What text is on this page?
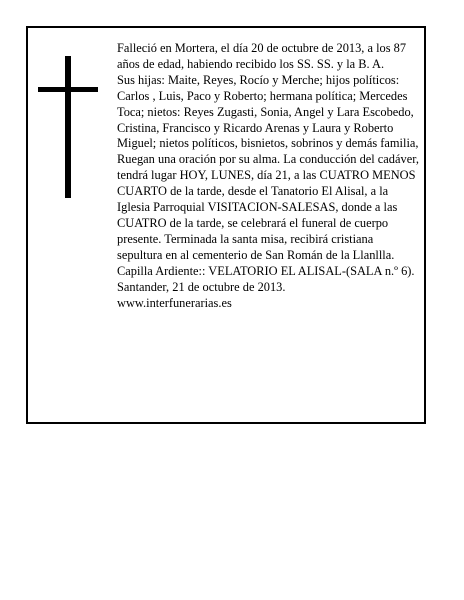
Falleció en Mortera, el día 20 de octubre de 2013, a los 87 años de edad, habiendo recibido los SS. SS. y la B. A.

Sus hijas: Maite, Reyes, Rocío y Merche; hijos políticos: Carlos , Luis, Paco y Roberto; hermana política; Mercedes Toca; nietos: Reyes Zugasti, Sonia, Angel y Lara Escobedo, Cristina, Francisco y Ricardo Arenas y Laura y Roberto Miguel; nietos políticos, bisnietos, sobrinos y demás familia,

Ruegan una oración por su alma. La conducción del cadáver, tendrá lugar HOY, LUNES, día 21, a las CUATRO MENOS CUARTO de la tarde, desde el Tanatorio El Alisal, a la Iglesia Parroquial VISITACION-SALESAS, donde a las CUATRO de la tarde, se celebrará el funeral de cuerpo presente. Terminada la santa misa, recibirá cristiana sepultura en al cementerio de San Román de la Llanllla. Capilla Ardiente:: VELATORIO EL ALISAL-(SALA n.º 6).

Santander, 21 de octubre de 2013.

www.interfunerarias.es
